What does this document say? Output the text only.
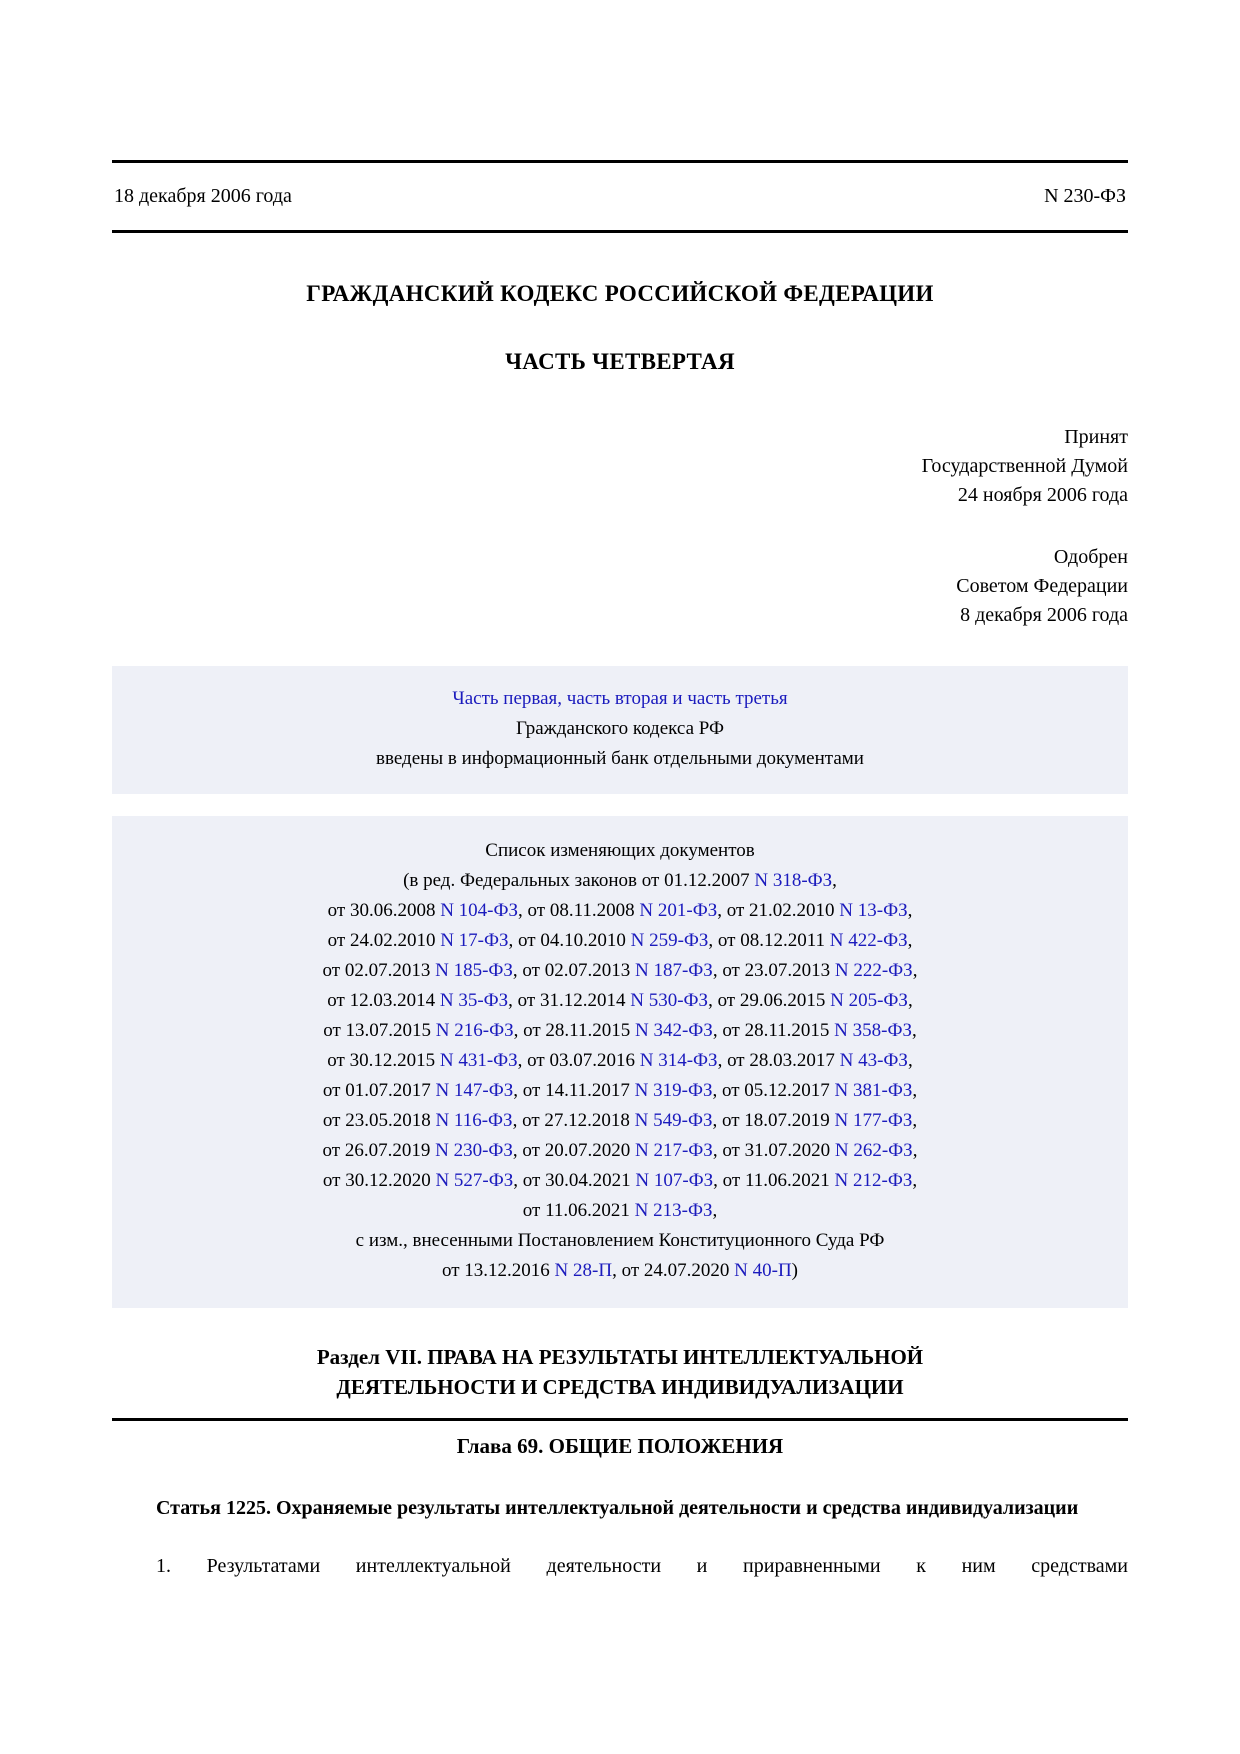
18 декабря 2006 года	N 230-ФЗ
ГРАЖДАНСКИЙ КОДЕКС РОССИЙСКОЙ ФЕДЕРАЦИИ
ЧАСТЬ ЧЕТВЕРТАЯ
Принят
Государственной Думой
24 ноября 2006 года
Одобрен
Советом Федерации
8 декабря 2006 года
Часть первая, часть вторая и часть третья
Гражданского кодекса РФ
введены в информационный банк отдельными документами
Список изменяющих документов
(в ред. Федеральных законов от 01.12.2007 N 318-ФЗ,
от 30.06.2008 N 104-ФЗ, от 08.11.2008 N 201-ФЗ, от 21.02.2010 N 13-ФЗ,
от 24.02.2010 N 17-ФЗ, от 04.10.2010 N 259-ФЗ, от 08.12.2011 N 422-ФЗ,
от 02.07.2013 N 185-ФЗ, от 02.07.2013 N 187-ФЗ, от 23.07.2013 N 222-ФЗ,
от 12.03.2014 N 35-ФЗ, от 31.12.2014 N 530-ФЗ, от 29.06.2015 N 205-ФЗ,
от 13.07.2015 N 216-ФЗ, от 28.11.2015 N 342-ФЗ, от 28.11.2015 N 358-ФЗ,
от 30.12.2015 N 431-ФЗ, от 03.07.2016 N 314-ФЗ, от 28.03.2017 N 43-ФЗ,
от 01.07.2017 N 147-ФЗ, от 14.11.2017 N 319-ФЗ, от 05.12.2017 N 381-ФЗ,
от 23.05.2018 N 116-ФЗ, от 27.12.2018 N 549-ФЗ, от 18.07.2019 N 177-ФЗ,
от 26.07.2019 N 230-ФЗ, от 20.07.2020 N 217-ФЗ, от 31.07.2020 N 262-ФЗ,
от 30.12.2020 N 527-ФЗ, от 30.04.2021 N 107-ФЗ, от 11.06.2021 N 212-ФЗ,
от 11.06.2021 N 213-ФЗ,
с изм., внесенными Постановлением Конституционного Суда РФ
от 13.12.2016 N 28-П, от 24.07.2020 N 40-П)
Раздел VII. ПРАВА НА РЕЗУЛЬТАТЫ ИНТЕЛЛЕКТУАЛЬНОЙ
ДЕЯТЕЛЬНОСТИ И СРЕДСТВА ИНДИВИДУАЛИЗАЦИИ
Глава 69. ОБЩИЕ ПОЛОЖЕНИЯ
Статья 1225. Охраняемые результаты интеллектуальной деятельности и средства индивидуализации
1. Результатами интеллектуальной деятельности и приравненными к ним средствами
